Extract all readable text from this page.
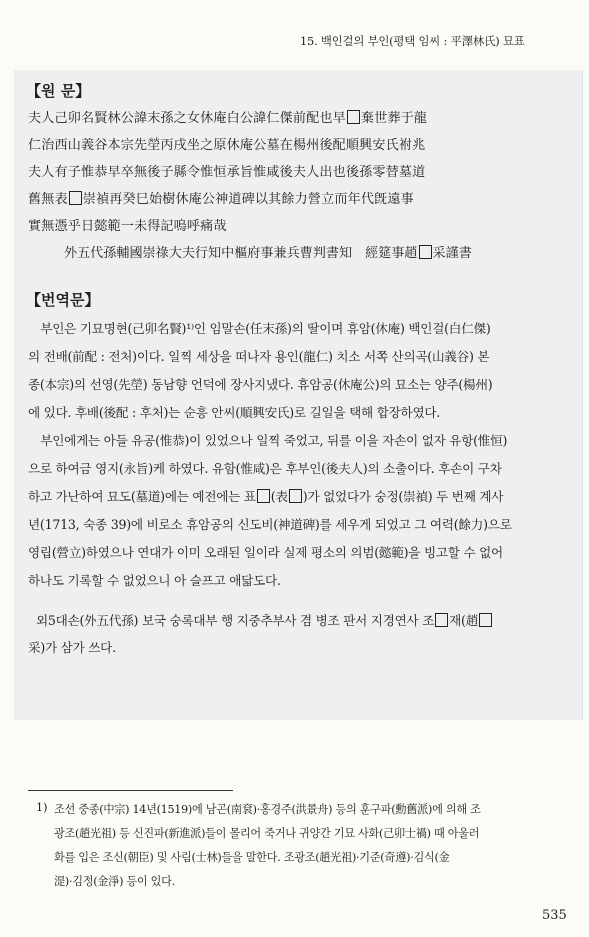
15. 백인걸의 부인(평택 임씨 : 平澤林氏) 묘표
【원 문】
夫人己卯名賢林公諱末孫之女休庵白公諱仁傑前配也早 棄世葬于龍
仁治西山義谷本宗先塋丙戌坐之原休庵公墓在楊州後配順興安氏祔兆
夫人有子惟恭早卒無後子縣令惟恒承旨惟咸後夫人出也後孫零替墓道
舊無表 崇禎再癸巳始樹休庵公神道碑以其餘力營立而年代旣遠事
實無憑乎日懿範一未得記嗚呼痛哉
外五代孫輔國崇祿大夫行知中樞府事兼兵曹判書知　經筵事趙 采謹書
【번역문】
　부인은 기묘명현(己卯名賢)¹⁾인 임말손(任末孫)의 딸이며 휴암(休庵) 백인걸(白仁傑)
의 전배(前配 : 전처)이다. 일찍 세상을 떠나자 용인(龍仁) 치소 서쪽 산의곡(山義谷) 본
종(本宗)의 선영(先塋) 동남향 언덕에 장사지냈다. 휴암공(休庵公)의 묘소는 양주(楊州)
에 있다. 후배(後配 : 후처)는 순흥 안씨(順興安氏)로 길일을 택해 합장하였다.
　부인에게는 아들 유공(惟恭)이 있었으나 일찍 죽었고, 뒤를 이을 자손이 없자 유항(惟恒)
으로 하여금 영지(永旨)케 하였다. 유함(惟咸)은 후부인(後夫人)의 소출이다. 후손이 구차
하고 가난하여 묘도(墓道)에는 예전에는 표 (表 )가 없었다가 숭정(崇禎) 두 번째 계사
년(1713, 숙종 39)에 비로소 휴암공의 신도비(神道碑)를 세우게 되었고 그 여력(餘力)으로
영립(營立)하였으나 연대가 이미 오래된 일이라 실제 평소의 의범(懿範)을 빙고할 수 없어
하나도 기록할 수 없었으니 아 슬프고 애닯도다.
외5대손(外五代孫) 보국 숭록대부 행 지중추부사 겸 병조 판서 지경연사 조 재(趙
采)가 삼가 쓰다.
1) 조선 중종(中宗) 14년(1519)에 남곤(南袞)·홍경주(洪景舟) 등의 훈구파(勳舊派)에 의해 조
광조(趙光祖) 등 신진파(新進派)들이 몰리어 죽거나 귀양간 기묘 사화(己卯士禍) 때 아울러
화를 입은 조신(朝臣) 및 사림(士林)들을 말한다. 조광조(趙光祖)·기준(奇遵)·김식(金
湜)·김정(金淨) 등이 있다.
535
